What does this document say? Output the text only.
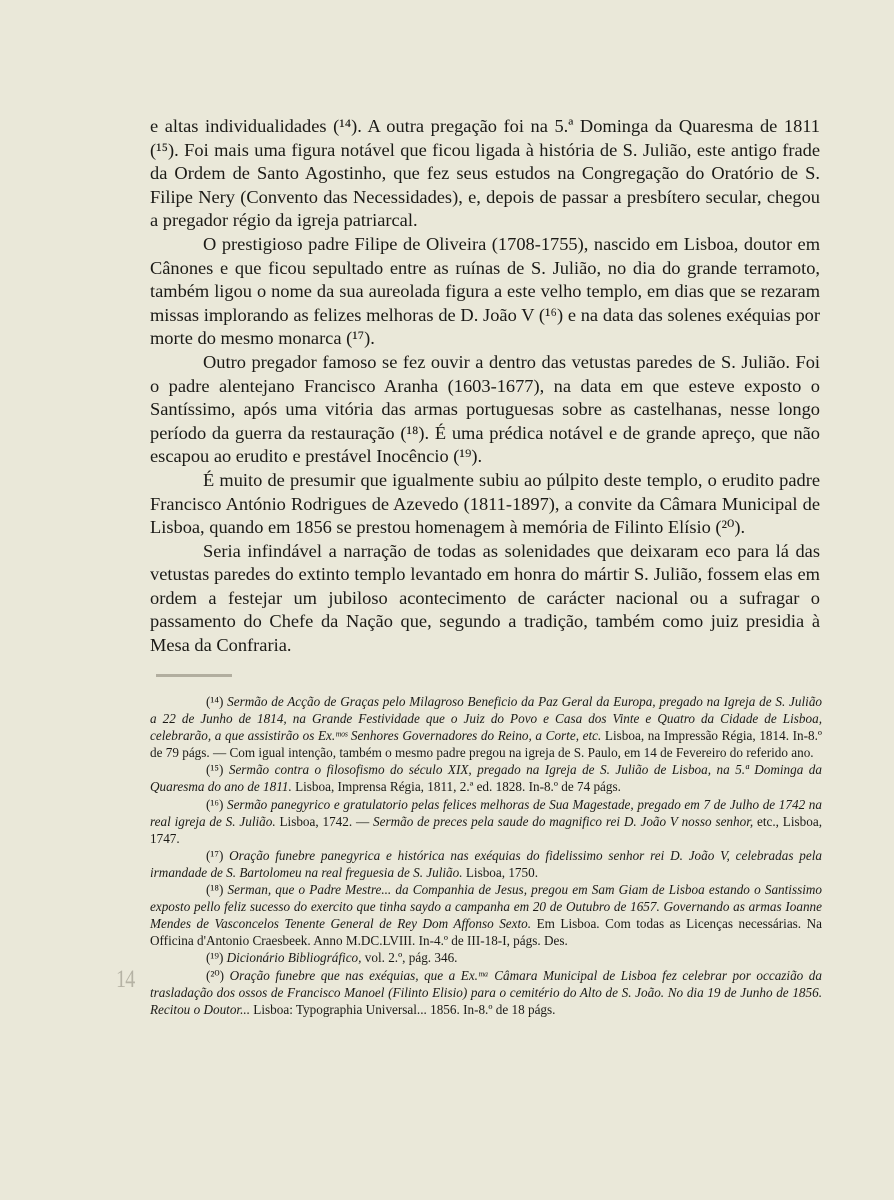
e altas individualidades (¹⁴). A outra pregação foi na 5.ª Dominga da Quaresma de 1811 (¹⁵). Foi mais uma figura notável que ficou ligada à história de S. Julião, este antigo frade da Ordem de Santo Agostinho, que fez seus estudos na Congregação do Oratório de S. Filipe Nery (Convento das Necessidades), e, depois de passar a presbítero secular, chegou a pregador régio da igreja patriarcal.

O prestigioso padre Filipe de Oliveira (1708-1755), nascido em Lisboa, doutor em Cânones e que ficou sepultado entre as ruínas de S. Julião, no dia do grande terramoto, também ligou o nome da sua aureolada figura a este velho templo, em dias que se rezaram missas implorando as felizes melhoras de D. João V (¹⁶) e na data das solenes exéquias por morte do mesmo monarca (¹⁷).

Outro pregador famoso se fez ouvir a dentro das vetustas paredes de S. Julião. Foi o padre alentejano Francisco Aranha (1603-1677), na data em que esteve exposto o Santíssimo, após uma vitória das armas portuguesas sobre as castelhanas, nesse longo período da guerra da restauração (¹⁸). É uma prédica notável e de grande apreço, que não escapou ao erudito e prestável Inocêncio (¹⁹).

É muito de presumir que igualmente subiu ao púlpito deste templo, o erudito padre Francisco António Rodrigues de Azevedo (1811-1897), a convite da Câmara Municipal de Lisboa, quando em 1856 se prestou homenagem à memória de Filinto Elísio (²⁰).

Seria infindável a narração de todas as solenidades que deixaram eco para lá das vetustas paredes do extinto templo levantado em honra do mártir S. Julião, fossem elas em ordem a festejar um jubiloso acontecimento de carácter nacional ou a sufragar o passamento do Chefe da Nação que, segundo a tradição, também como juiz presidia à Mesa da Confraria.

(¹⁴) Sermão de Acção de Graças pelo Milagroso Beneficio da Paz Geral da Europa, pregado na Igreja de S. Julião a 22 de Junho de 1814, na Grande Festividade que o Juiz do Povo e Casa dos Vinte e Quatro da Cidade de Lisboa, celebrarão, a que assistirão os Ex.ᵐᵒˢ Senhores Governadores do Reino, a Corte, etc. Lisboa, na Impressão Régia, 1814. In-8.º de 79 págs. — Com igual intenção, também o mesmo padre pregou na igreja de S. Paulo, em 14 de Fevereiro do referido ano.

(¹⁵) Sermão contra o filosofismo do século XIX, pregado na Igreja de S. Julião de Lisboa, na 5.ª Dominga da Quaresma do ano de 1811. Lisboa, Imprensa Régia, 1811, 2.ª ed. 1828. In-8.º de 74 págs.

(¹⁶) Sermão panegyrico e gratulatorio pelas felices melhoras de Sua Magestade, pregado em 7 de Julho de 1742 na real igreja de S. Julião. Lisboa, 1742. — Sermão de preces pela saude do magnifico rei D. João V nosso senhor, etc., Lisboa, 1747.

(¹⁷) Oração funebre panegyrica e histórica nas exéquias do fidelissimo senhor rei D. João V, celebradas pela irmandade de S. Bartolomeu na real freguesia de S. Julião. Lisboa, 1750.

(¹⁸) Serman, que o Padre Mestre... da Companhia de Jesus, pregou em Sam Giam de Lisboa estando o Santissimo exposto pello feliz sucesso do exercito que tinha saydo a campanha em 20 de Outubro de 1657. Governando as armas Ioanne Mendes de Vasconcelos Tenente General de Rey Dom Affonso Sexto. Em Lisboa. Com todas as Licenças necessárias. Na Officina d'Antonio Craesbeek. Anno M.DC.LVIII. In-4.º de III-18-I, págs. Des.

(¹⁹) Dicionário Bibliográfico, vol. 2.º, pág. 346.

(²⁰) Oração funebre que nas exéquias, que a Ex.ᵐᵃ Câmara Municipal de Lisboa fez celebrar por occazião da trasladação dos ossos de Francisco Manoel (Filinto Elisio) para o cemitério do Alto de S. João. No dia 19 de Junho de 1856. Recitou o Doutor... Lisboa: Typographia Universal... 1856. In-8.º de 18 págs.

14
